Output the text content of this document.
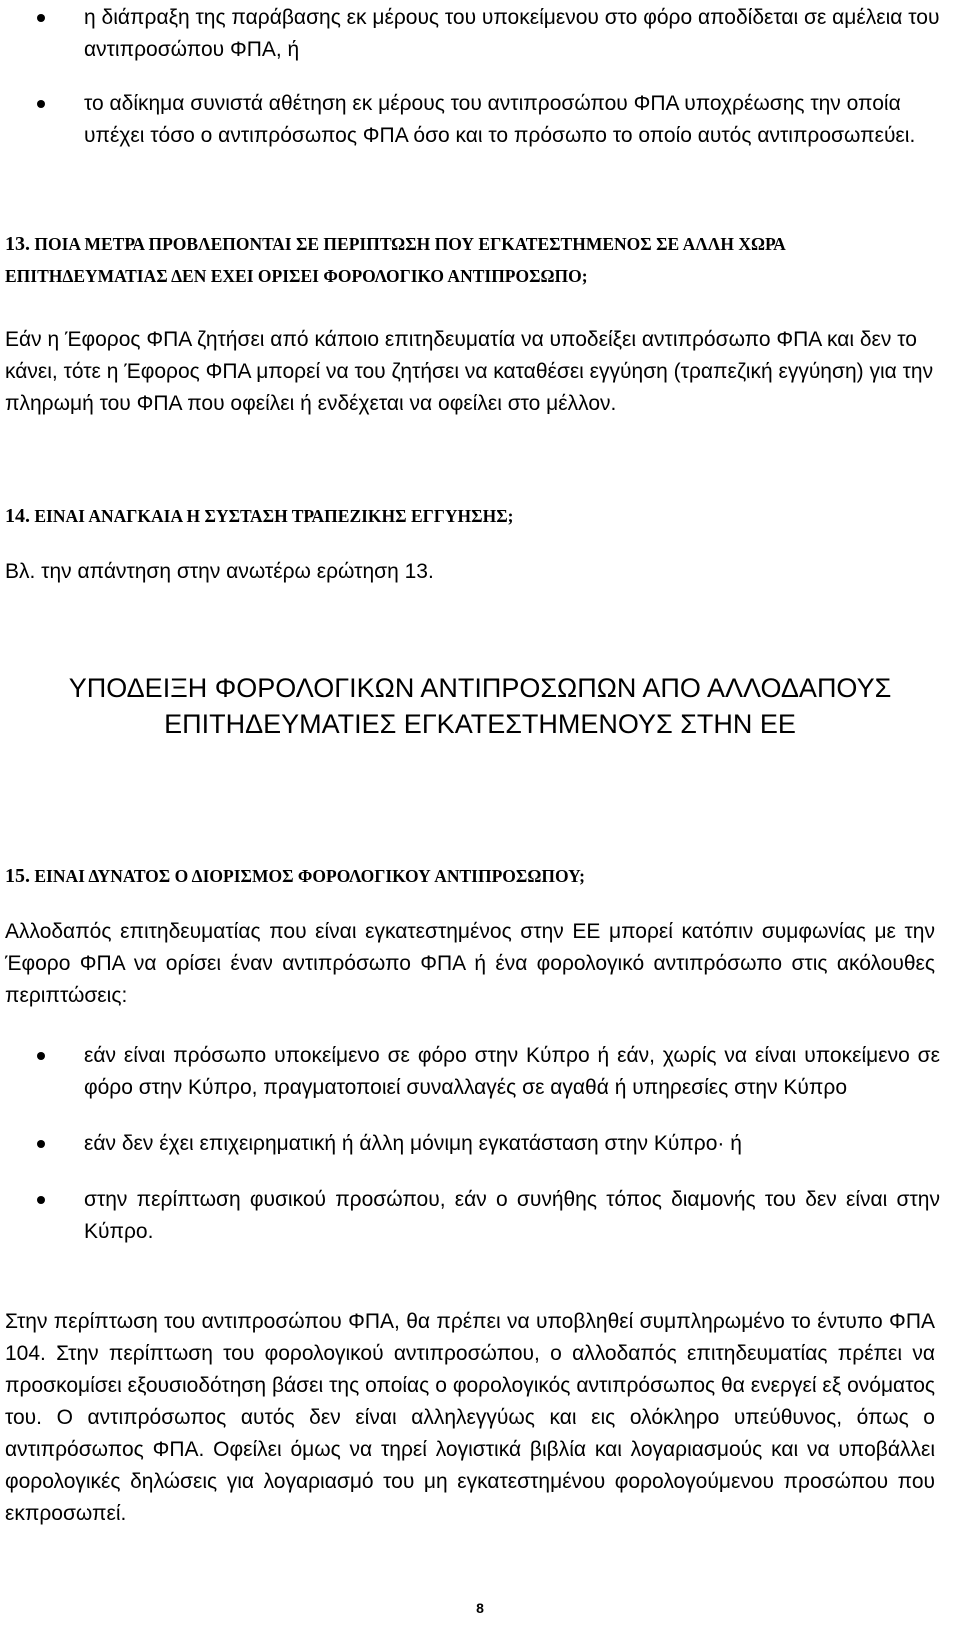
η διάπραξη της παράβασης εκ μέρους του υποκείμενου στο φόρο αποδίδεται σε αμέλεια του αντιπροσώπου ΦΠΑ, ή
το αδίκημα συνιστά αθέτηση εκ μέρους του αντιπροσώπου ΦΠΑ υποχρέωσης την οποία υπέχει τόσο ο αντιπρόσωπος ΦΠΑ όσο και το πρόσωπο το οποίο αυτός αντιπροσωπεύει.
13. ΠΟΙΑ ΜΕΤΡΑ ΠΡΟΒΛΕΠΟΝΤΑΙ ΣΕ ΠΕΡΙΠΤΩΣΗ ΠΟΥ ΕΓΚΑΤΕΣΤΗΜΕΝΟΣ ΣΕ ΑΛΛΗ ΧΩΡΑ ΕΠΙΤΗΔΕΥΜΑΤΙΑΣ ΔΕΝ ΕΧΕΙ ΟΡΙΣΕΙ ΦΟΡΟΛΟΓΙΚΟ ΑΝΤΙΠΡΟΣΩΠΟ;

Εάν η Έφορος ΦΠΑ ζητήσει από κάποιο επιτηδευματία να υποδείξει αντιπρόσωπο ΦΠΑ και δεν το κάνει, τότε η Έφορος ΦΠΑ μπορεί να του ζητήσει να καταθέσει εγγύηση (τραπεζική εγγύηση) για την πληρωμή του ΦΠΑ που οφείλει ή ενδέχεται να οφείλει στο μέλλον.

14. ΕΙΝΑΙ ΑΝΑΓΚΑΙΑ Η ΣΥΣΤΑΣΗ ΤΡΑΠΕΖΙΚΗΣ ΕΓΓΥΗΣΗΣ;

Βλ. την απάντηση στην ανωτέρω ερώτηση 13.

ΥΠΟΔΕΙΞΗ ΦΟΡΟΛΟΓΙΚΩΝ ΑΝΤΙΠΡΟΣΩΠΩΝ ΑΠΟ ΑΛΛΟΔΑΠΟΥΣ ΕΠΙΤΗΔΕΥΜΑΤΙΕΣ ΕΓΚΑΤΕΣΤΗΜΕΝΟΥΣ ΣΤΗΝ ΕΕ
15. ΕΙΝΑΙ ΔΥΝΑΤΟΣ Ο ΔΙΟΡΙΣΜΟΣ ΦΟΡΟΛΟΓΙΚΟΥ ΑΝΤΙΠΡΟΣΩΠΟΥ;

Αλλοδαπός επιτηδευματίας που είναι εγκατεστημένος στην ΕΕ μπορεί κατόπιν συμφωνίας με την Έφορο ΦΠΑ να ορίσει έναν αντιπρόσωπο ΦΠΑ ή ένα φορολογικό αντιπρόσωπο στις ακόλουθες περιπτώσεις:

εάν είναι πρόσωπο υποκείμενο σε φόρο στην Κύπρο ή εάν, χωρίς να είναι υποκείμενο σε φόρο στην Κύπρο, πραγματοποιεί συναλλαγές σε αγαθά ή υπηρεσίες στην Κύπρο
εάν δεν έχει επιχειρηματική ή άλλη μόνιμη εγκατάσταση στην Κύπρο· ή
στην περίπτωση φυσικού προσώπου, εάν ο συνήθης τόπος διαμονής του δεν είναι στην Κύπρο.

Στην περίπτωση του αντιπροσώπου ΦΠΑ, θα πρέπει να υποβληθεί συμπληρωμένο το έντυπο ΦΠΑ 104. Στην περίπτωση του φορολογικού αντιπροσώπου, ο αλλοδαπός επιτηδευματίας πρέπει να προσκομίσει εξουσιοδότηση βάσει της οποίας ο φορολογικός αντιπρόσωπος θα ενεργεί εξ ονόματος του. Ο αντιπρόσωπος αυτός δεν είναι αλληλεγγύως και εις ολόκληρο υπεύθυνος, όπως ο αντιπρόσωπος ΦΠΑ. Οφείλει όμως να τηρεί λογιστικά βιβλία και λογαριασμούς και να υποβάλλει φορολογικές δηλώσεις για λογαριασμό του μη εγκατεστημένου φορολογούμενου προσώπου που εκπροσωπεί.

8
